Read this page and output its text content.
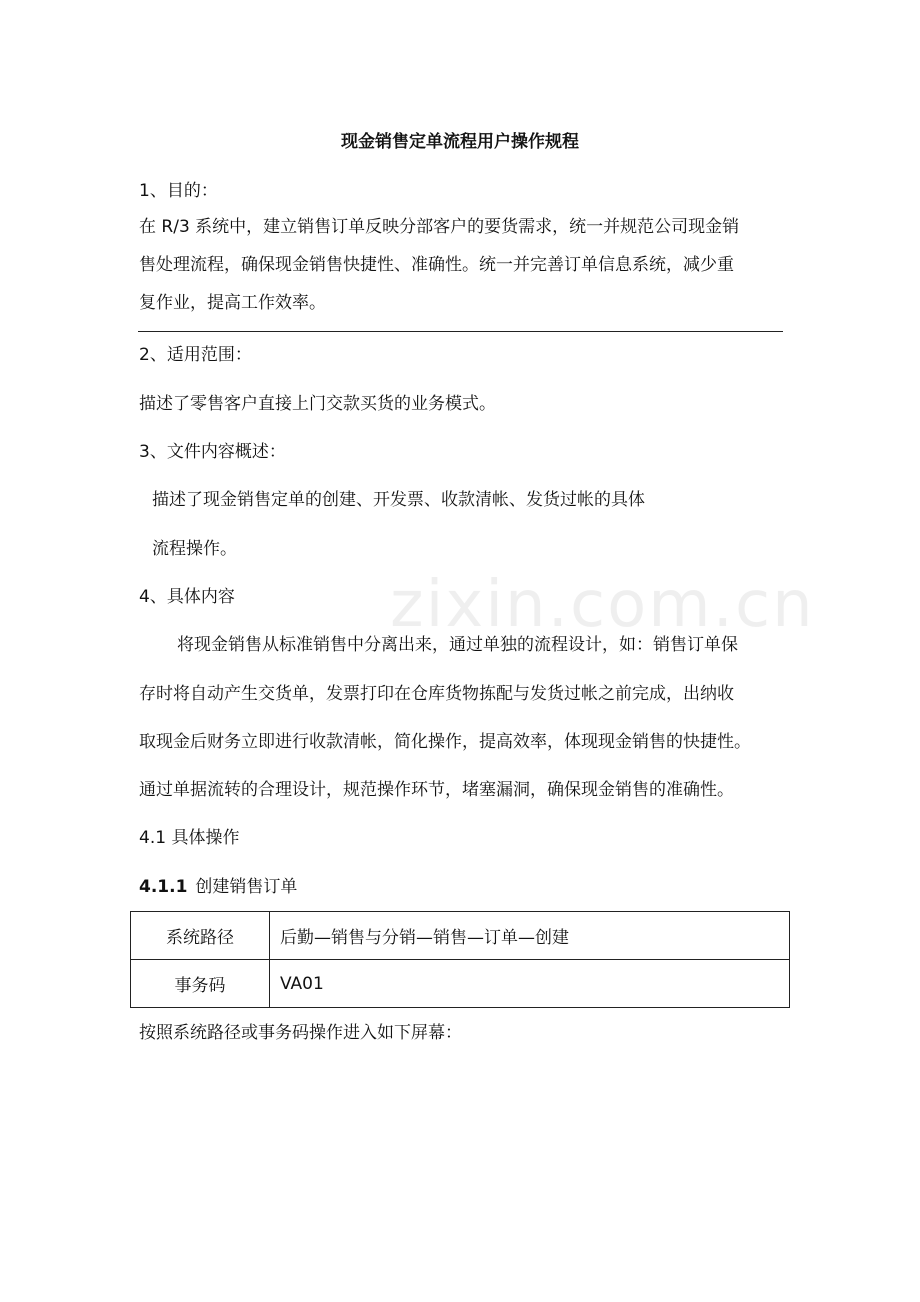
zixin.com.cn
现金销售定单流程用户操作规程
1、目的：
在 R/3 系统中，建立销售订单反映分部客户的要货需求，统一并规范公司现金销
售处理流程，确保现金销售快捷性、准确性。统一并完善订单信息系统，减少重
复作业，提高工作效率。
2、适用范围：
描述了零售客户直接上门交款买货的业务模式。
3、文件内容概述：
描述了现金销售定单的创建、开发票、收款清帐、发货过帐的具体
流程操作。
4、具体内容
将现金销售从标准销售中分离出来，通过单独的流程设计，如：销售订单保
存时将自动产生交货单，发票打印在仓库货物拣配与发货过帐之前完成，出纳收
取现金后财务立即进行收款清帐，简化操作，提高效率，体现现金销售的快捷性。
通过单据流转的合理设计，规范操作环节，堵塞漏洞，确保现金销售的准确性。
4.1 具体操作
4.1.1 创建销售订单
系统路径	后勤—销售与分销—销售—订单—创建
事务码	VA01
按照系统路径或事务码操作进入如下屏幕：
